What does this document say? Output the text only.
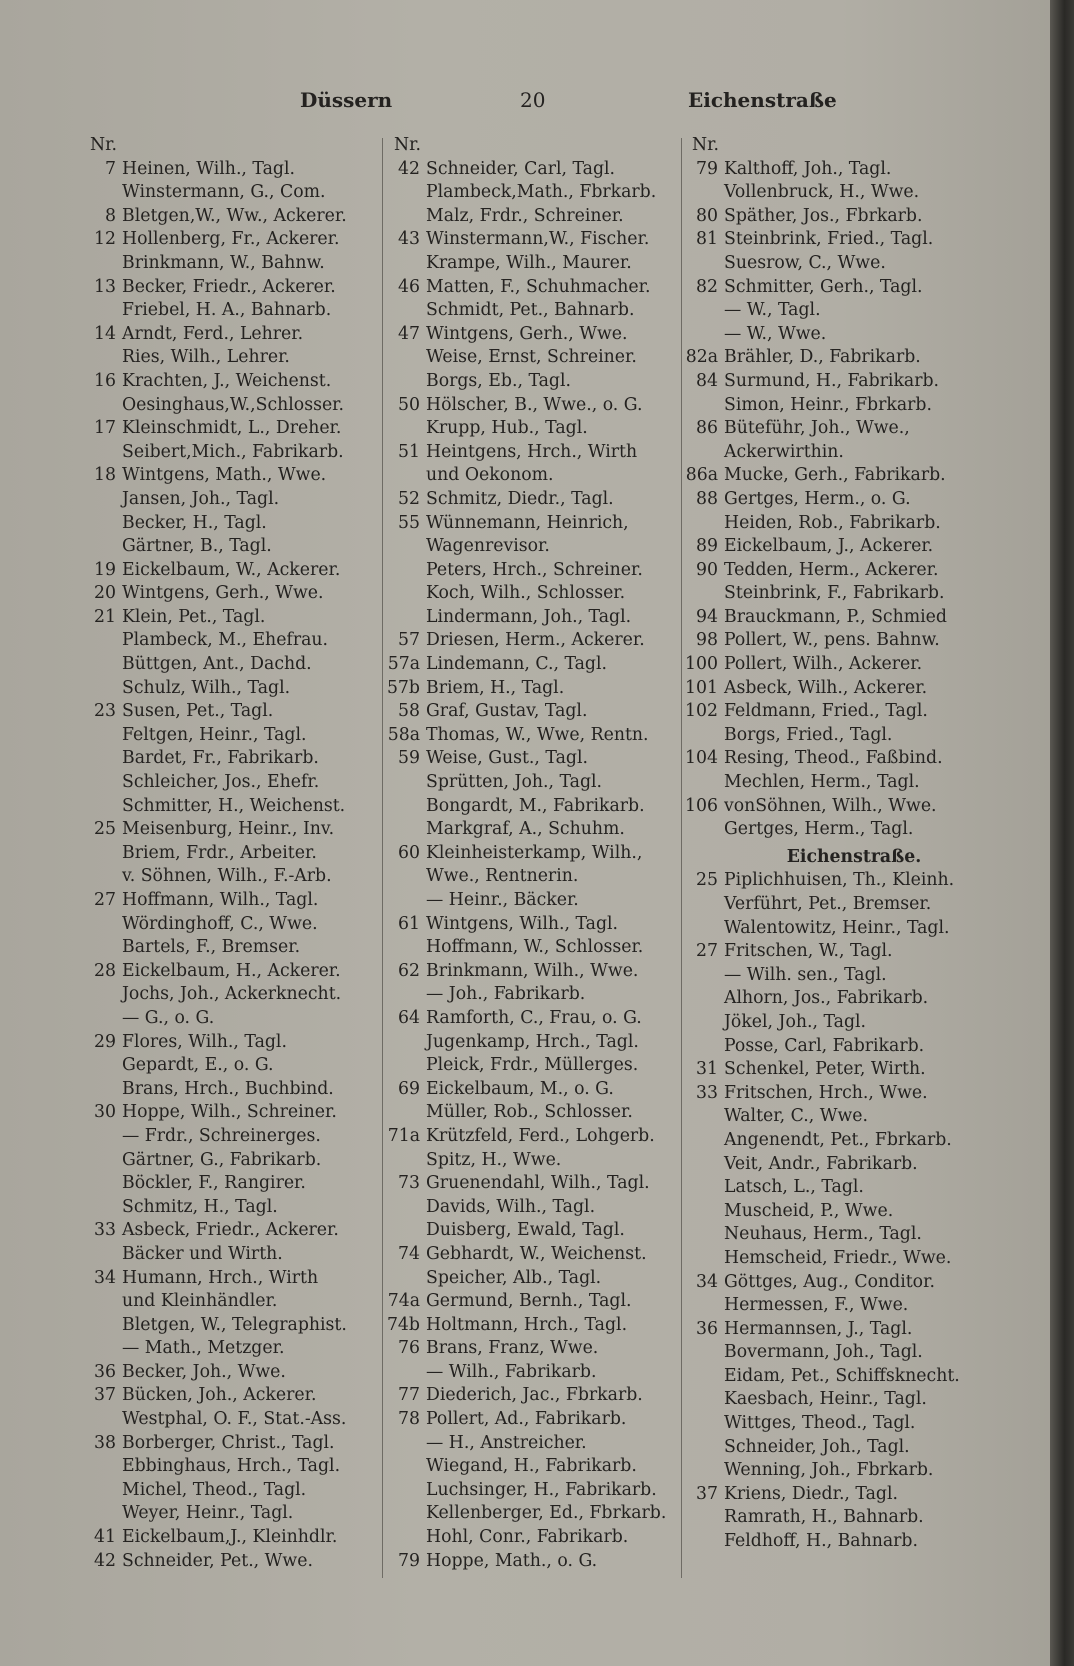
Düssern	20	Eichenstraße
Nr.
7 Heinen, Wilh., Tagl.
Winstermann, G., Com.
8 Bletgen,W., Ww., Ackerer.
12 Hollenberg, Fr., Ackerer.
Brinkmann, W., Bahnw.
13 Becker, Friedr., Ackerer.
Friebel, H. A., Bahnarb.
14 Arndt, Ferd., Lehrer.
Ries, Wilh., Lehrer.
16 Krachten, J., Weichenst.
Oesinghaus,W.,Schlosser.
17 Kleinschmidt, L., Dreher.
Seibert,Mich., Fabrikarb.
18 Wintgens, Math., Wwe.
Jansen, Joh., Tagl.
Becker, H., Tagl.
Gärtner, B., Tagl.
19 Eickelbaum, W., Ackerer.
20 Wintgens, Gerh., Wwe.
21 Klein, Pet., Tagl.
Plambeck, M., Ehefrau.
Büttgen, Ant., Dachd.
Schulz, Wilh., Tagl.
23 Susen, Pet., Tagl.
Feltgen, Heinr., Tagl.
Bardet, Fr., Fabrikarb.
Schleicher, Jos., Ehefr.
Schmitter, H., Weichenst.
25 Meisenburg, Heinr., Inv.
Briem, Frdr., Arbeiter.
v. Söhnen, Wilh., F.-Arb.
27 Hoffmann, Wilh., Tagl.
Wördinghoff, C., Wwe.
Bartels, F., Bremser.
28 Eickelbaum, H., Ackerer.
Jochs, Joh., Ackerknecht.
— G., o. G.
29 Flores, Wilh., Tagl.
Gepardt, E., o. G.
Brans, Hrch., Buchbind.
30 Hoppe, Wilh., Schreiner.
— Frdr., Schreinerges.
Gärtner, G., Fabrikarb.
Böckler, F., Rangirer.
Schmitz, H., Tagl.
33 Asbeck, Friedr., Ackerer.
Bäcker und Wirth.
34 Humann, Hrch., Wirth
und Kleinhändler.
Bletgen, W., Telegraphist.
— Math., Metzger.
36 Becker, Joh., Wwe.
37 Bücken, Joh., Ackerer.
Westphal, O. F., Stat.-Ass.
38 Borberger, Christ., Tagl.
Ebbinghaus, Hrch., Tagl.
Michel, Theod., Tagl.
Weyer, Heinr., Tagl.
41 Eickelbaum,J., Kleinhdlr.
42 Schneider, Pet., Wwe.
Nr.
42 Schneider, Carl, Tagl.
Plambeck,Math., Fbrkarb.
Malz, Frdr., Schreiner.
43 Winstermann,W., Fischer.
Krampe, Wilh., Maurer.
46 Matten, F., Schuhmacher.
Schmidt, Pet., Bahnarb.
47 Wintgens, Gerh., Wwe.
Weise, Ernst, Schreiner.
Borgs, Eb., Tagl.
50 Hölscher, B., Wwe., o. G.
Krupp, Hub., Tagl.
51 Heintgens, Hrch., Wirth
und Oekonom.
52 Schmitz, Diedr., Tagl.
55 Wünnemann, Heinrich,
Wagenrevisor.
Peters, Hrch., Schreiner.
Koch, Wilh., Schlosser.
Lindermann, Joh., Tagl.
57 Driesen, Herm., Ackerer.
57a Lindemann, C., Tagl.
57b Briem, H., Tagl.
58 Graf, Gustav, Tagl.
58a Thomas, W., Wwe, Rentn.
59 Weise, Gust., Tagl.
Sprütten, Joh., Tagl.
Bongardt, M., Fabrikarb.
Markgraf, A., Schuhm.
60 Kleinheisterkamp, Wilh.,
Wwe., Rentnerin.
— Heinr., Bäcker.
61 Wintgens, Wilh., Tagl.
Hoffmann, W., Schlosser.
62 Brinkmann, Wilh., Wwe.
— Joh., Fabrikarb.
64 Ramforth, C., Frau, o. G.
Jugenkamp, Hrch., Tagl.
Pleick, Frdr., Müllerges.
69 Eickelbaum, M., o. G.
Müller, Rob., Schlosser.
71a Krützfeld, Ferd., Lohgerb.
Spitz, H., Wwe.
73 Gruenendahl, Wilh., Tagl.
Davids, Wilh., Tagl.
Duisberg, Ewald, Tagl.
74 Gebhardt, W., Weichenst.
Speicher, Alb., Tagl.
74a Germund, Bernh., Tagl.
74b Holtmann, Hrch., Tagl.
76 Brans, Franz, Wwe.
— Wilh., Fabrikarb.
77 Diederich, Jac., Fbrkarb.
78 Pollert, Ad., Fabrikarb.
— H., Anstreicher.
Wiegand, H., Fabrikarb.
Luchsinger, H., Fabrikarb.
Kellenberger, Ed., Fbrkarb.
Hohl, Conr., Fabrikarb.
79 Hoppe, Math., o. G.
Nr.
79 Kalthoff, Joh., Tagl.
Vollenbruck, H., Wwe.
80 Späther, Jos., Fbrkarb.
81 Steinbrink, Fried., Tagl.
Suesrow, C., Wwe.
82 Schmitter, Gerh., Tagl.
— W., Tagl.
— W., Wwe.
82a Brähler, D., Fabrikarb.
84 Surmund, H., Fabrikarb.
Simon, Heinr., Fbrkarb.
86 Büteführ, Joh., Wwe.,
Ackerwirthin.
86a Mucke, Gerh., Fabrikarb.
88 Gertges, Herm., o. G.
Heiden, Rob., Fabrikarb.
89 Eickelbaum, J., Ackerer.
90 Tedden, Herm., Ackerer.
Steinbrink, F., Fabrikarb.
94 Brauckmann, P., Schmied
98 Pollert, W., pens. Bahnw.
100 Pollert, Wilh., Ackerer.
101 Asbeck, Wilh., Ackerer.
102 Feldmann, Fried., Tagl.
Borgs, Fried., Tagl.
104 Resing, Theod., Faßbind.
Mechlen, Herm., Tagl.
106 vonSöhnen, Wilh., Wwe.
Gertges, Herm., Tagl.
Eichenstraße.
25 Piplichhuisen, Th., Kleinh.
Verführt, Pet., Bremser.
Walentowitz, Heinr., Tagl.
27 Fritschen, W., Tagl.
— Wilh. sen., Tagl.
Alhorn, Jos., Fabrikarb.
Jökel, Joh., Tagl.
Posse, Carl, Fabrikarb.
31 Schenkel, Peter, Wirth.
33 Fritschen, Hrch., Wwe.
Walter, C., Wwe.
Angenendt, Pet., Fbrkarb.
Veit, Andr., Fabrikarb.
Latsch, L., Tagl.
Muscheid, P., Wwe.
Neuhaus, Herm., Tagl.
Hemscheid, Friedr., Wwe.
34 Göttges, Aug., Conditor.
Hermessen, F., Wwe.
36 Hermannsen, J., Tagl.
Bovermann, Joh., Tagl.
Eidam, Pet., Schiffsknecht.
Kaesbach, Heinr., Tagl.
Wittges, Theod., Tagl.
Schneider, Joh., Tagl.
Wenning, Joh., Fbrkarb.
37 Kriens, Diedr., Tagl.
Ramrath, H., Bahnarb.
Feldhoff, H., Bahnarb.
